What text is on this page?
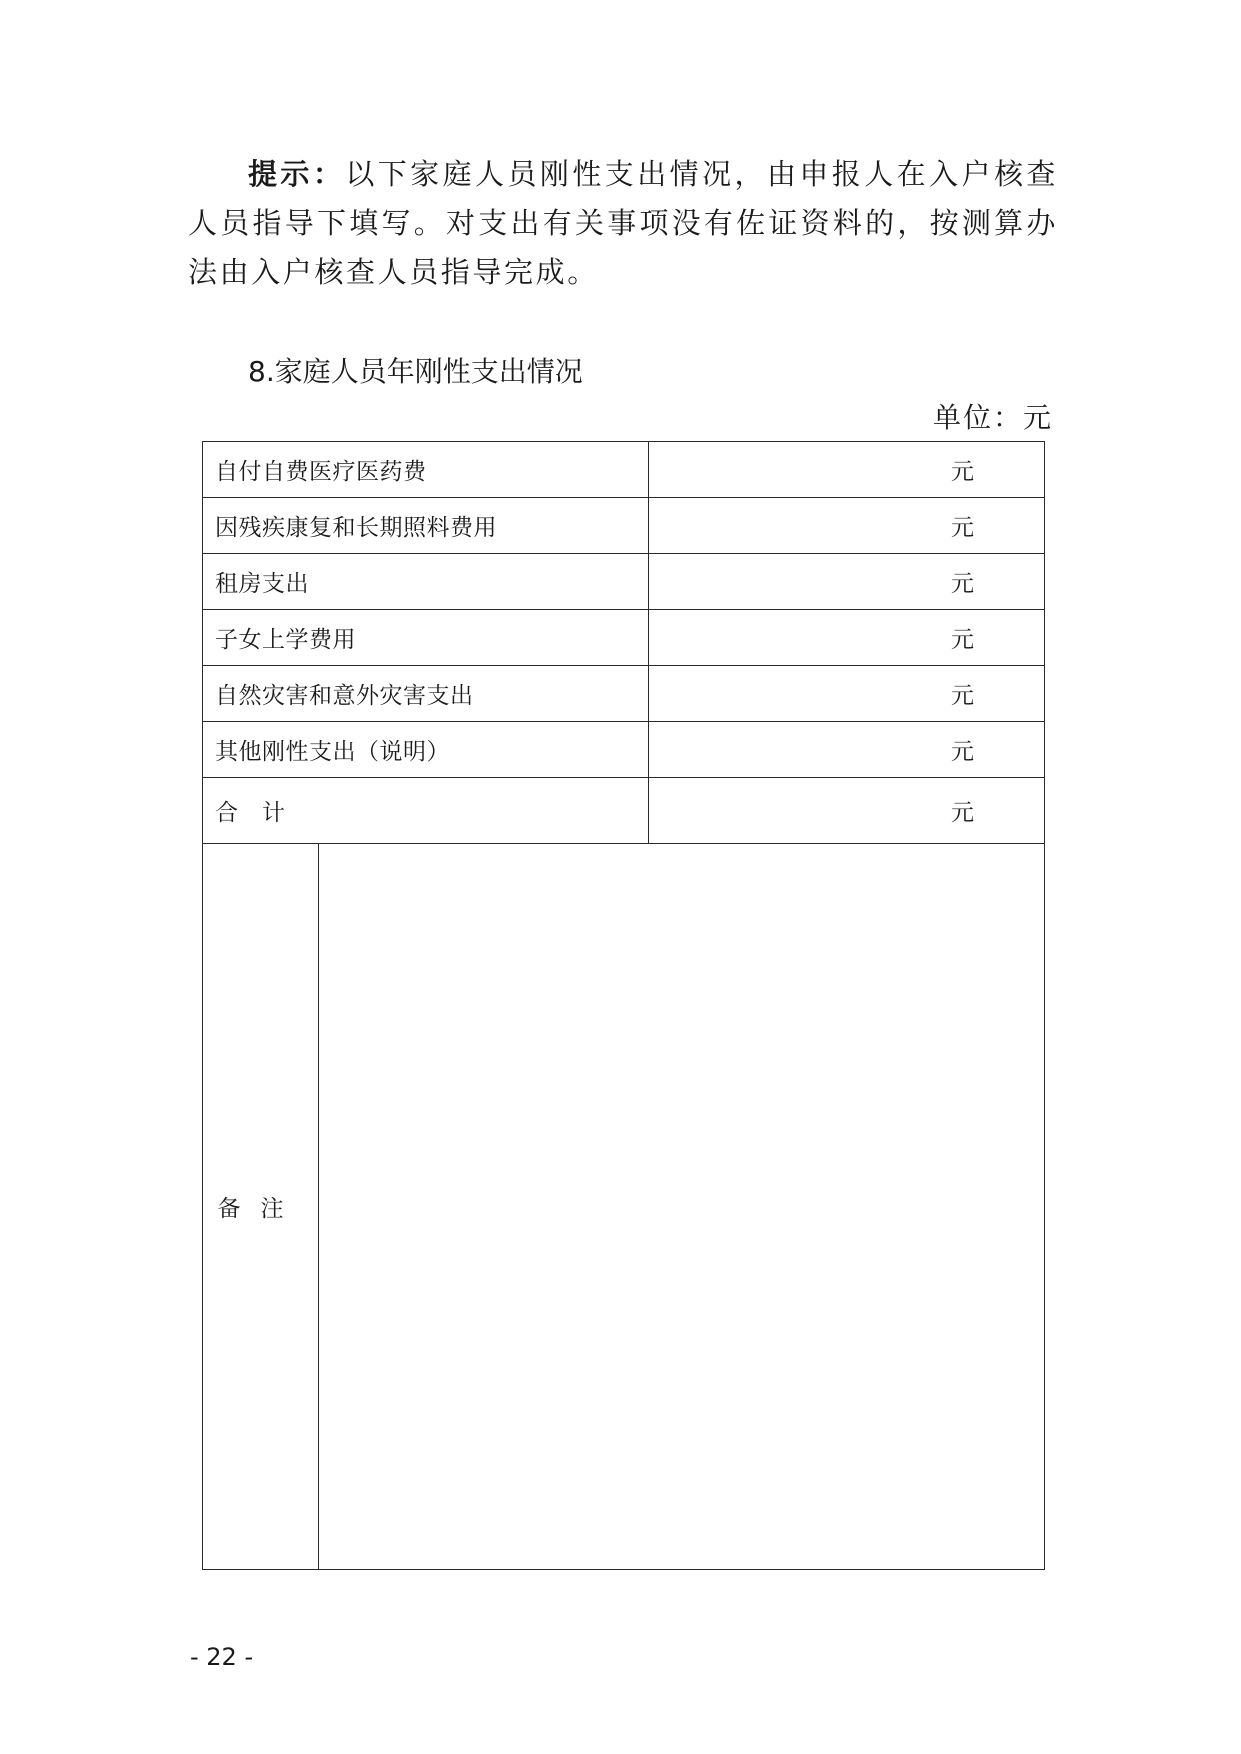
提示：以下家庭人员刚性支出情况，由申报人在入户核查人员指导下填写。对支出有关事项没有佐证资料的，按测算办法由入户核查人员指导完成。
8.家庭人员年刚性支出情况
单位：元
自付自费医疗医药费		元
因残疾康复和长期照料费用		元
租房支出		元
子女上学费用		元
自然灾害和意外灾害支出		元
其他刚性支出（说明）		元
合　计		元
备注		
- 22 -
